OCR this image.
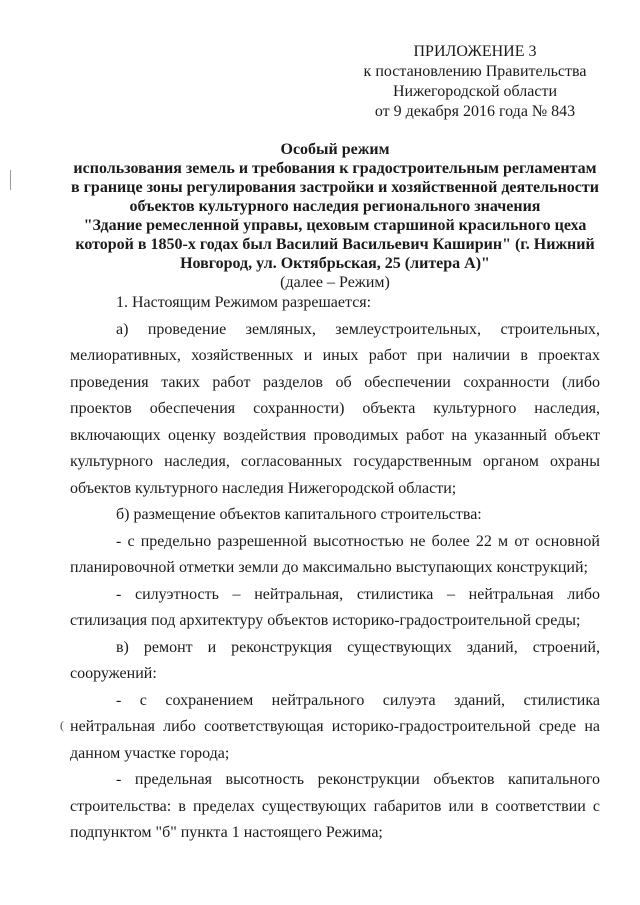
ПРИЛОЖЕНИЕ 3
к постановлению Правительства
Нижегородской области
от 9 декабря 2016 года № 843
Особый режим
использования земель и требования к градостроительным регламентам
в границе зоны регулирования застройки и хозяйственной деятельности
объектов культурного наследия регионального значения
"Здание ремесленной управы, цеховым старшиной красильного цеха
которой в 1850-х годах был Василий Васильевич Каширин" (г. Нижний
Новгород, ул. Октябрьская, 25 (литера А)"
(далее – Режим)

1. Настоящим Режимом разрешается:

а) проведение земляных, землеустроительных, строительных, мелиоративных, хозяйственных и иных работ при наличии в проектах проведения таких работ разделов об обеспечении сохранности (либо проектов обеспечения сохранности) объекта культурного наследия, включающих оценку воздействия проводимых работ на указанный объект культурного наследия, согласованных государственным органом охраны объектов культурного наследия Нижегородской области;

б) размещение объектов капитального строительства:

- с предельно разрешенной высотностью не более 22 м от основной планировочной отметки земли до максимально выступающих конструкций;

- силуэтность – нейтральная, стилистика – нейтральная либо стилизация под архитектуру объектов историко-градостроительной среды;

в) ремонт и реконструкция существующих зданий, строений, сооружений:

- с сохранением нейтрального силуэта зданий, стилистика нейтральная либо соответствующая историко-градостроительной среде на данном участке города;

- предельная высотность реконструкции объектов капитального строительства: в пределах существующих габаритов или в соответствии с подпунктом "б" пункта 1 настоящего Режима;

(
